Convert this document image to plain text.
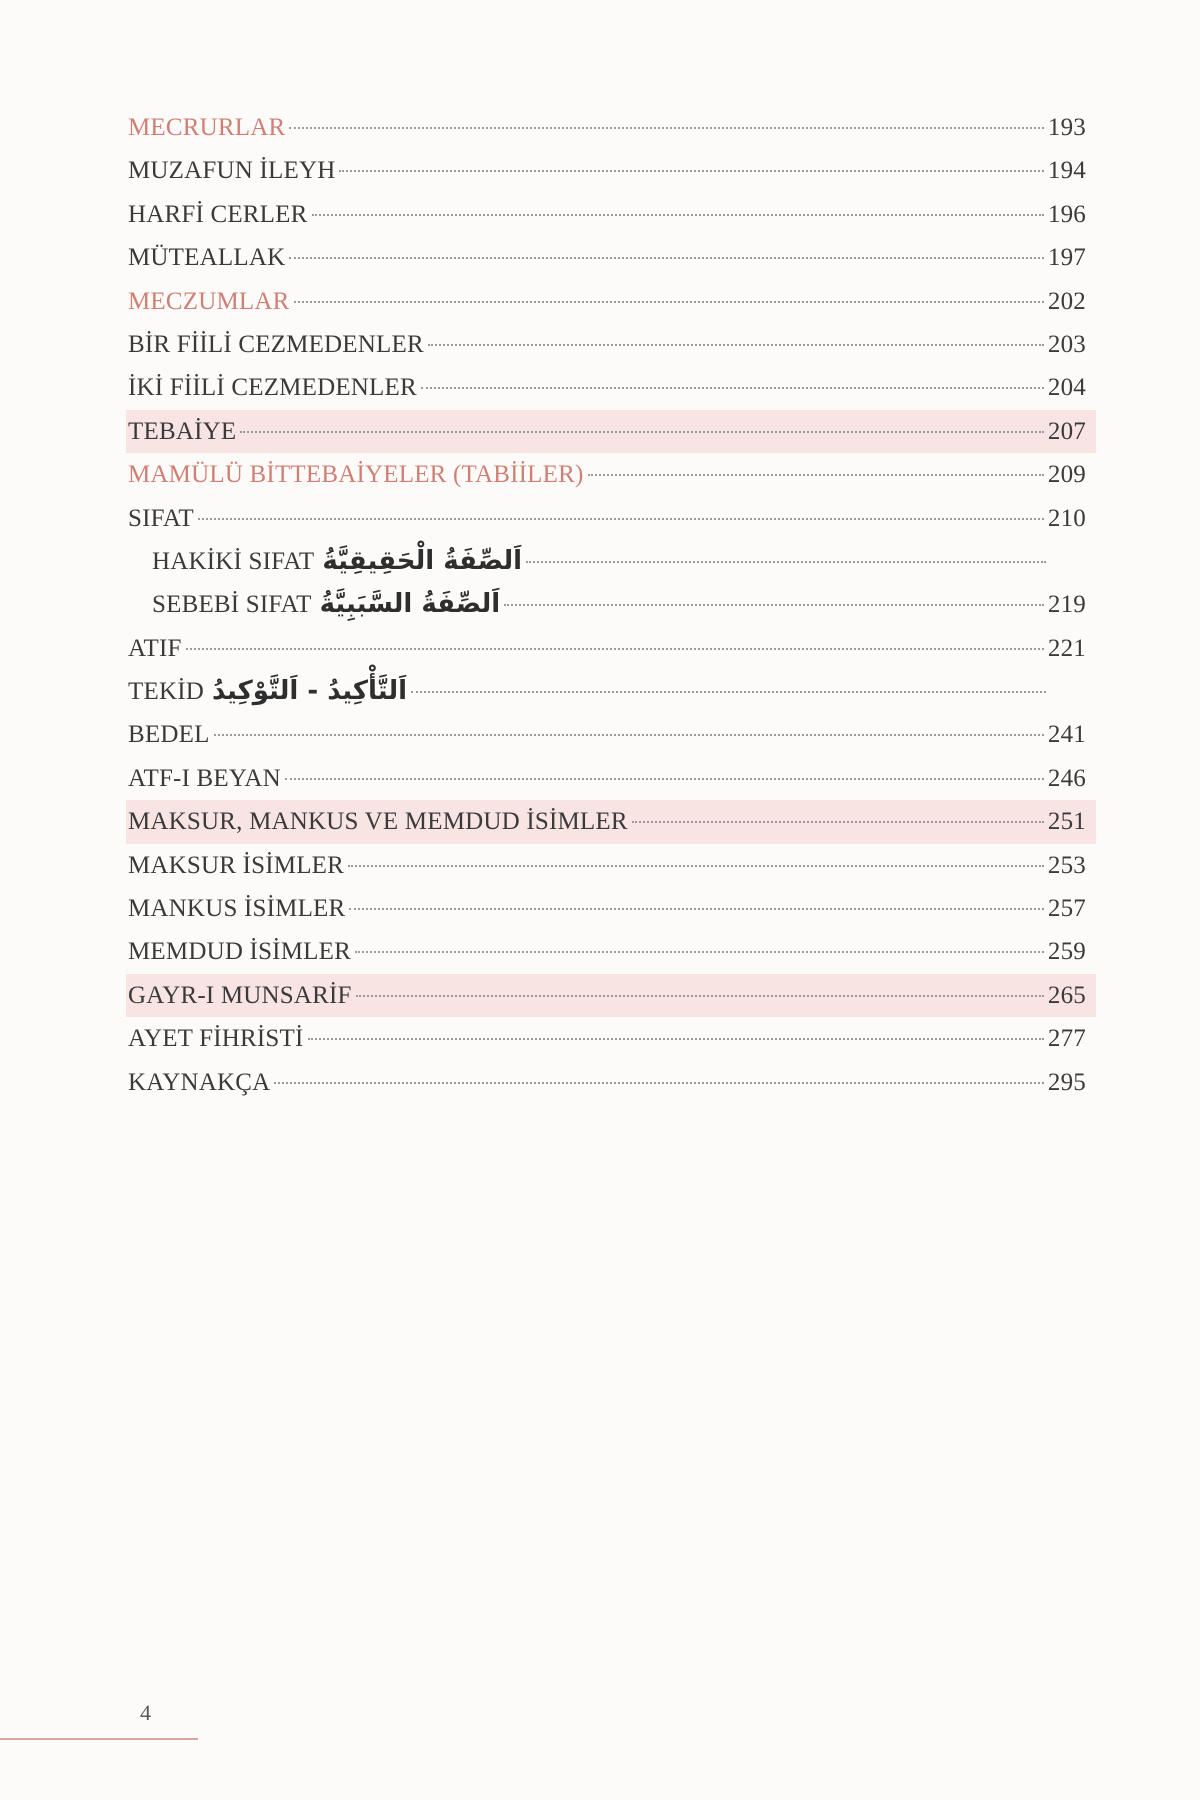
MECRURLAR	193
MUZAFUN İLEYH	194
HARFİ CERLER	196
MÜTEALLAK	197
MECZUMLAR	202
BİR FİİLİ CEZMEDENLER	203
İKİ FİİLİ CEZMEDENLER	204
TEBAİYE	207
MAMÜLÜ BİTTEBAİYELER (TABİİLER)	209
SIFAT	210
HAKİKİ SIFAT اَلصِّفَةُ الْحَقِيقِيَّةُ
SEBEBİ SIFAT اَلصِّفَةُ السَّبَبِيَّةُ	219
ATIF	221
TEKİD اَلتَّأْكِيدُ - اَلتَّوْكِيدُ
BEDEL	241
ATF-I BEYAN	246
MAKSUR, MANKUS VE MEMDUD İSİMLER	251
MAKSUR İSİMLER	253
MANKUS İSİMLER	257
MEMDUD İSİMLER	259
GAYR-I MUNSARİF	265
AYET FİHRİSTİ	277
KAYNAKÇA	295
4
